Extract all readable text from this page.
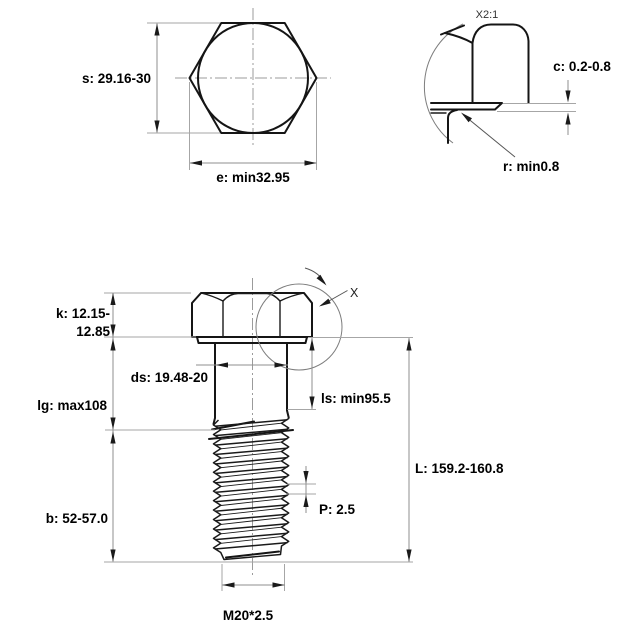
s: 29.16-30
e: min32.95
X2:1
c: 0.2-0.8
r: min0.8
X
k: 12.15-
12.85
lg: max108
b: 52-57.0
ds: 19.48-20
ls: min95.5
L: 159.2-160.8
P: 2.5
M20*2.5
